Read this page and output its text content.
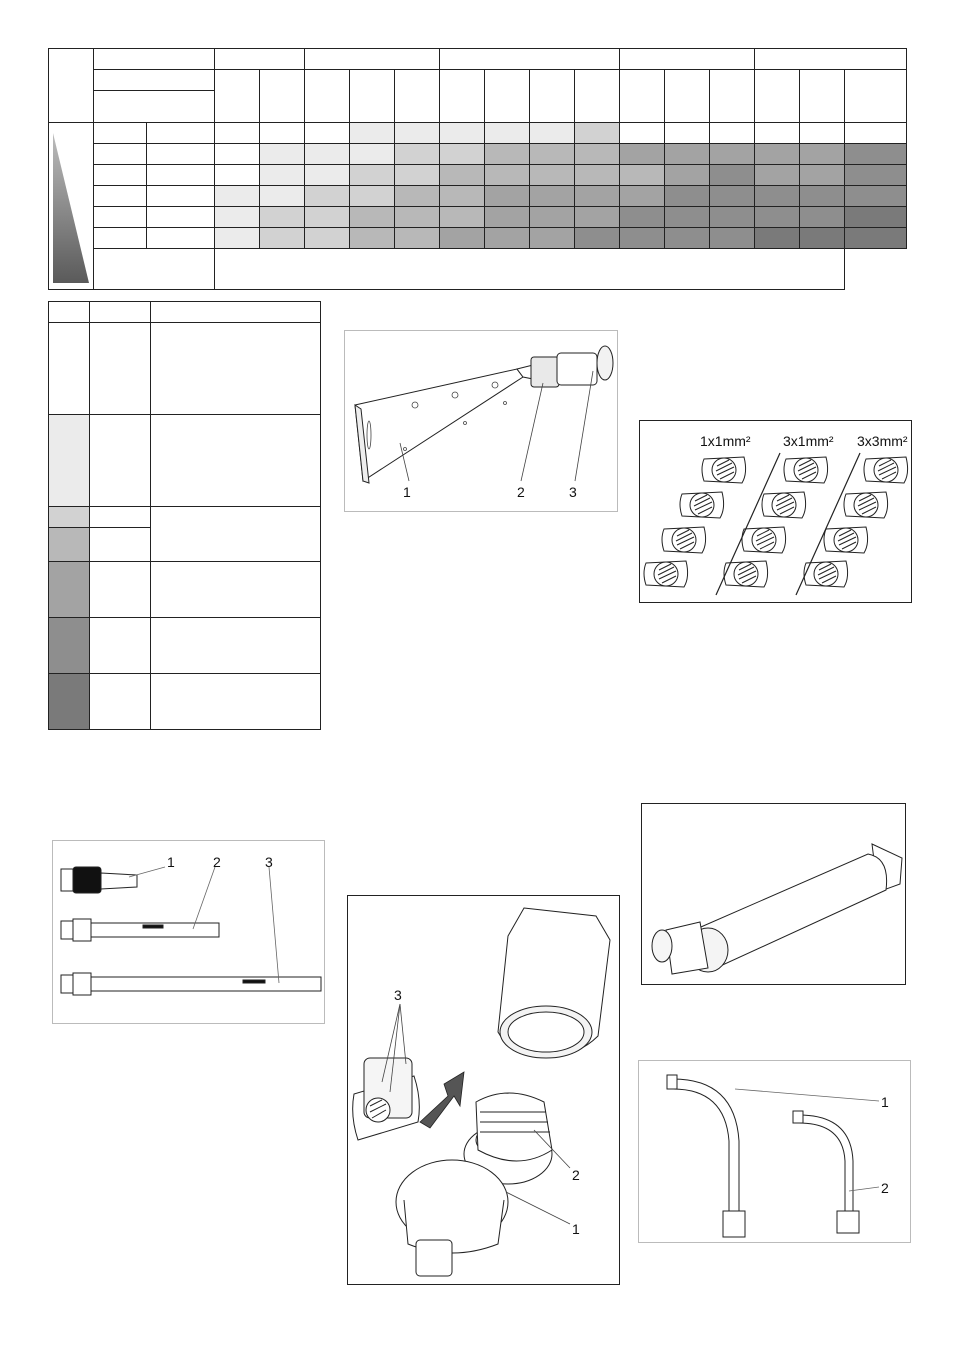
1	2	3
1x1mm² 3x1mm² 3x3mm²
1	2	3
3
2
1
1
2
